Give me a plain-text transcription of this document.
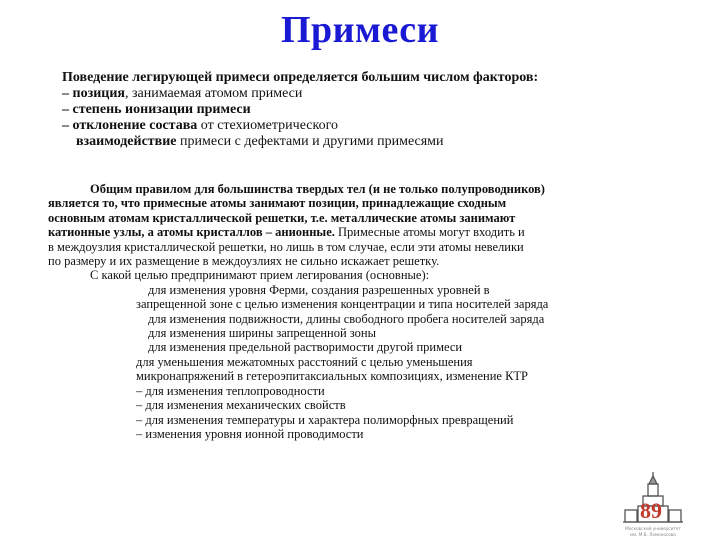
Примеси
Поведение легирующей примеси определяется большим числом факторов:
– позиция, занимаемая атомом примеси
– степень ионизации примеси
– отклонение состава от стехиометрического
взаимодействие примеси с дефектами и другими примесями
Общим правилом для большинства твердых тел (и не только полупроводников)
является то, что примесные атомы занимают позиции, принадлежащие сходным
основным атомам кристаллической решетки, т.е. металлические атомы занимают
катионные узлы, а атомы кристаллов – анионные. Примесные атомы могут входить и
в междоузлия кристаллической решетки, но лишь в том случае, если эти атомы невелики
по размеру и их размещение в междоузлиях не сильно искажает решетку.
С какой целью предпринимают прием легирования (основные):
для изменения уровня Ферми, создания разрешенных уровней в
запрещенной зоне с целью изменения концентрации и типа носителей заряда
для изменения подвижности, длины свободного пробега носителей заряда
для изменения ширины запрещенной зоны
для изменения предельной растворимости другой примеси
для уменьшения межатомных расстояний с целью уменьшения
микронапряжений в гетероэпитаксиальных композициях, изменение КТР
– для изменения теплопроводности
– для изменения механических свойств
– для изменения температуры и характера полиморфных превращений
– изменения уровня ионной проводимости
Московский университет
им. М.В. Ломоносова
89
